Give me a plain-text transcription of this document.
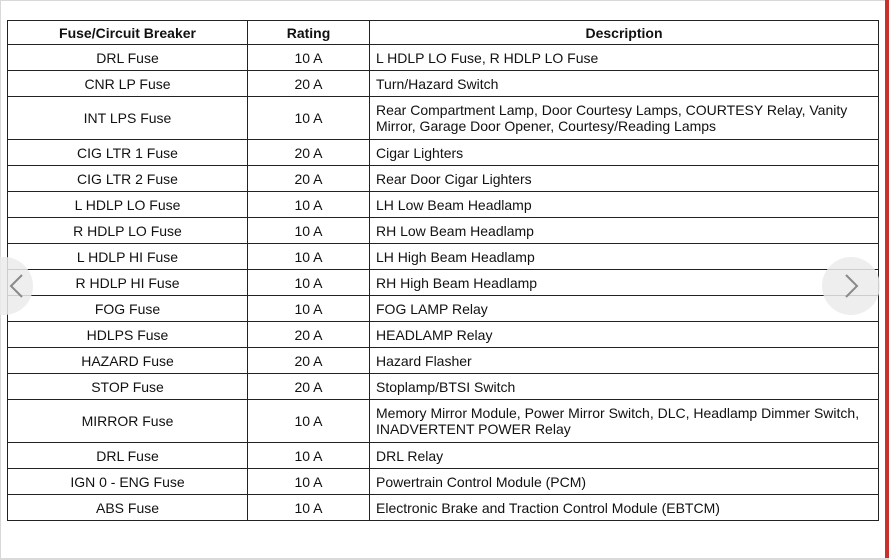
Fuse/Circuit Breaker	Rating	Description
DRL Fuse	10 A	L HDLP LO Fuse, R HDLP LO Fuse
CNR LP Fuse	20 A	Turn/Hazard Switch
INT LPS Fuse	10 A	Rear Compartment Lamp, Door Courtesy Lamps, COURTESY Relay, Vanity Mirror, Garage Door Opener, Courtesy/Reading Lamps
CIG LTR 1 Fuse	20 A	Cigar Lighters
CIG LTR 2 Fuse	20 A	Rear Door Cigar Lighters
L HDLP LO Fuse	10 A	LH Low Beam Headlamp
R HDLP LO Fuse	10 A	RH Low Beam Headlamp
L HDLP HI Fuse	10 A	LH High Beam Headlamp
R HDLP HI Fuse	10 A	RH High Beam Headlamp
FOG Fuse	10 A	FOG LAMP Relay
HDLPS Fuse	20 A	HEADLAMP Relay
HAZARD Fuse	20 A	Hazard Flasher
STOP Fuse	20 A	Stoplamp/BTSI Switch
MIRROR Fuse	10 A	Memory Mirror Module, Power Mirror Switch, DLC, Headlamp Dimmer Switch, INADVERTENT POWER Relay
DRL Fuse	10 A	DRL Relay
IGN 0 - ENG Fuse	10 A	Powertrain Control Module (PCM)
ABS Fuse	10 A	Electronic Brake and Traction Control Module (EBTCM)
